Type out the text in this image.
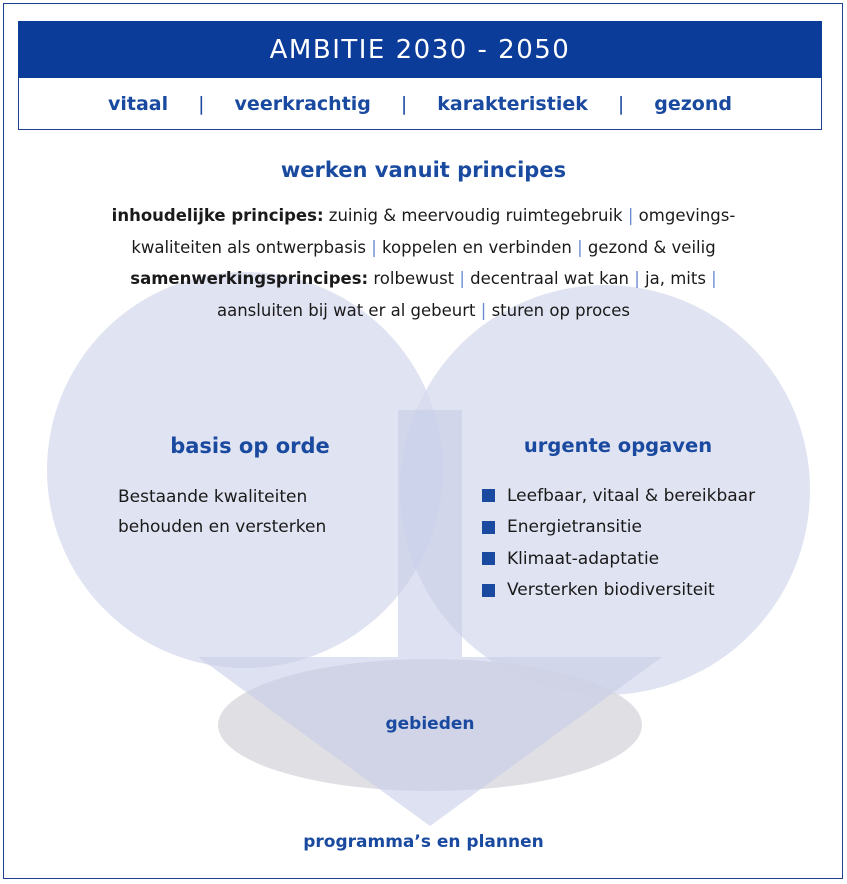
AMBITIE 2030 - 2050
vitaal | veerkrachtig | karakteristiek | gezond
werken vanuit principes
inhoudelijke principes: zuinig & meervoudig ruimtegebruik | omgevings-
kwaliteiten als ontwerpbasis | koppelen en verbinden | gezond & veilig
samenwerkingsprincipes: rolbewust | decentraal wat kan | ja, mits |
aansluiten bij wat er al gebeurt | sturen op proces
basis op orde
Bestaande kwaliteiten
behouden en versterken
urgente opgaven
Leefbaar, vitaal & bereikbaar
Energietransitie
Klimaat-adaptatie
Versterken biodiversiteit
gebieden
programma’s en plannen
